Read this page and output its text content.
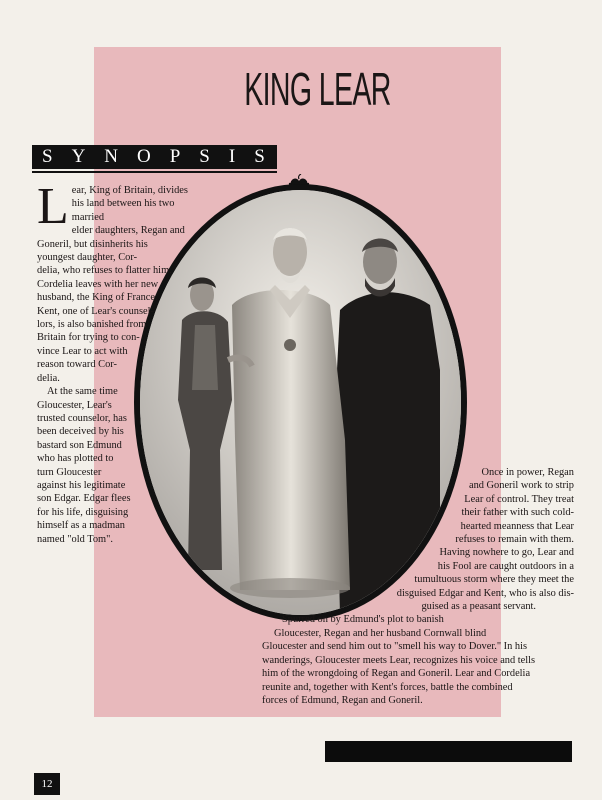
KING LEAR
SYNOPSIS
L ear, King of Britain, divides
his land between his two married
elder daughters, Regan and
Goneril, but disinherits his
youngest daughter, Cor-
delia, who refuses to flatter him.
Cordelia leaves with her new
husband, the King of France.
Kent, one of Lear's counsel-
lors, is also banished from
Britain for trying to con-
vince Lear to act with
reason toward Cor-
delia.
At the same time
Gloucester, Lear's
trusted counselor, has
been deceived by his
bastard son Edmund
who has plotted to
turn Gloucester
against his legitimate
son Edgar. Edgar flees
for his life, disguising
himself as a madman
named "old Tom".
Once in power, Regan
and Goneril work to strip
Lear of control. They treat
their father with such cold-
hearted meanness that Lear
refuses to remain with them.
Having nowhere to go, Lear and
his Fool are caught outdoors in a
tumultuous storm where they meet the
disguised Edgar and Kent, who is also dis-
guised as a peasant servant.
Spurred on by Edmund's plot to banish
Gloucester, Regan and her husband Cornwall blind
Gloucester and send him out to "smell his way to Dover." In his
wanderings, Gloucester meets Lear, recognizes his voice and tells
him of the wrongdoing of Regan and Goneril. Lear and Cordelia
reunite and, together with Kent's forces, battle the combined
forces of Edmund, Regan and Goneril.
12
